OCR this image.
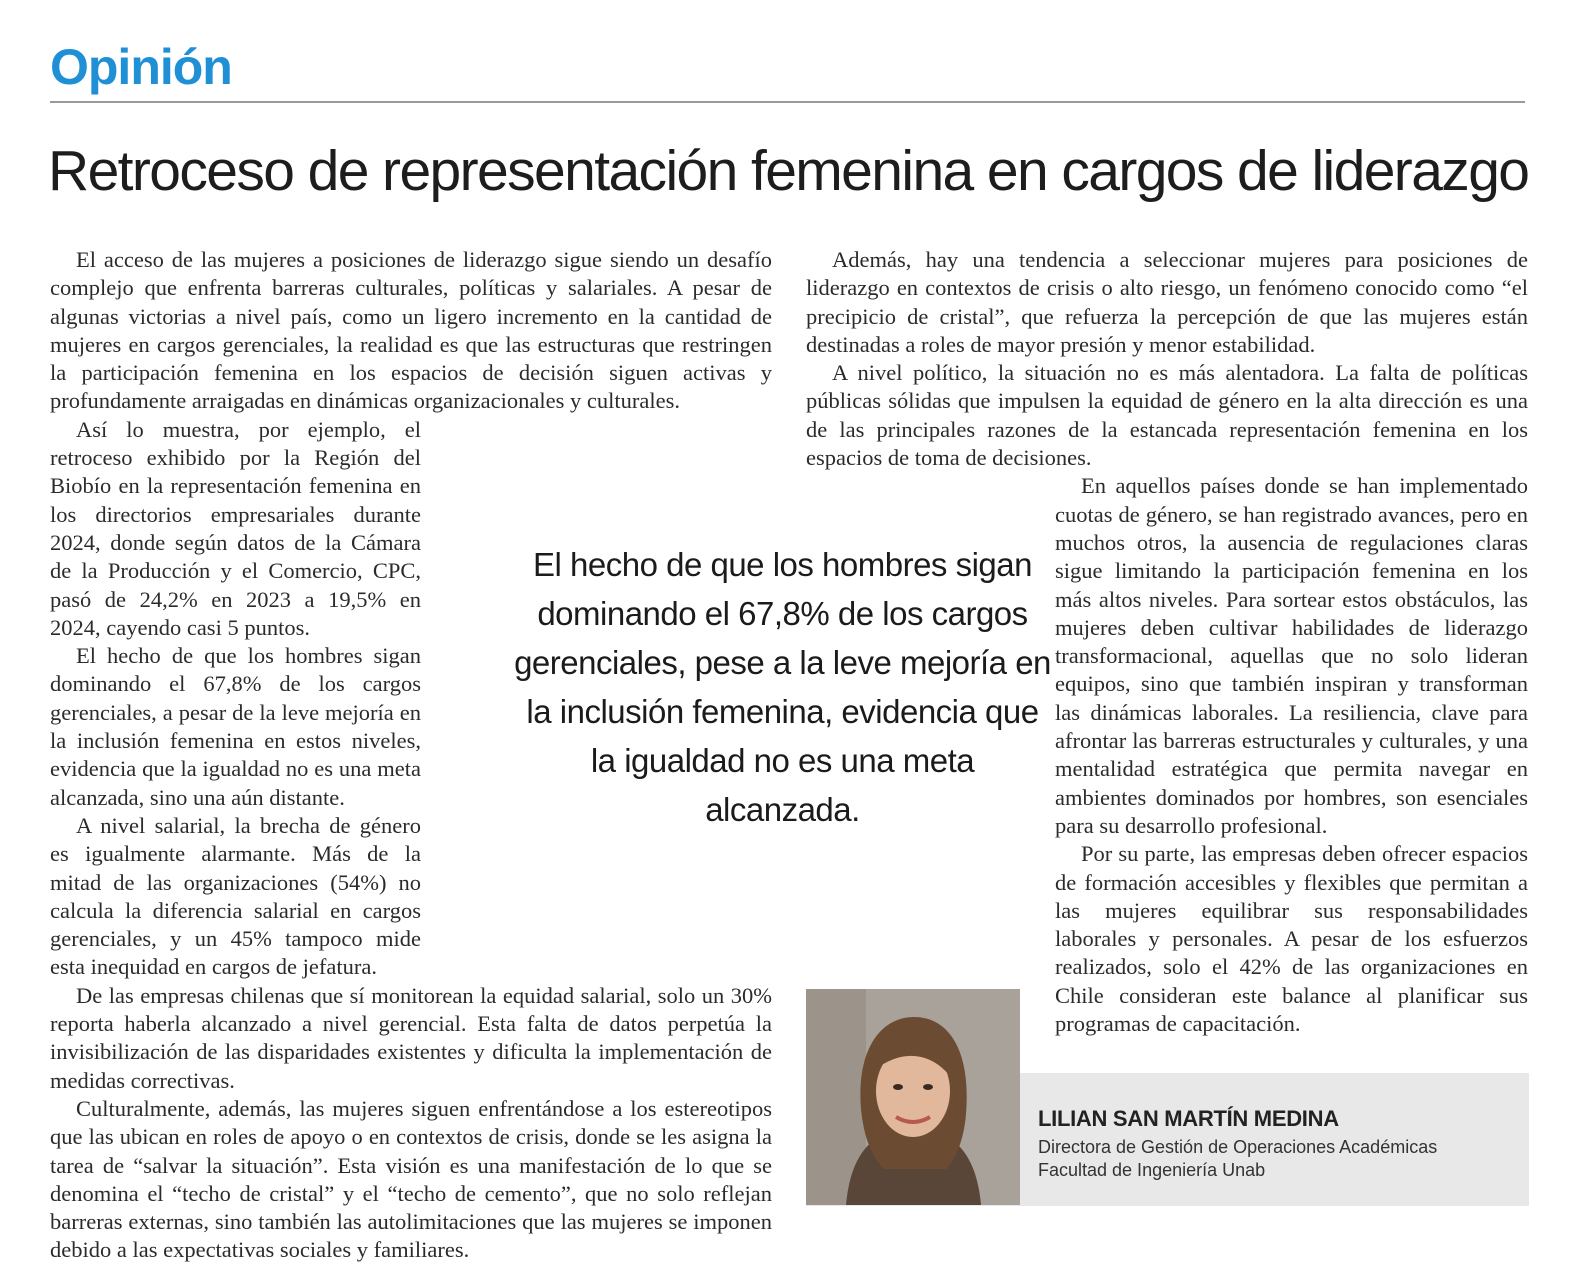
Opinión
Retroceso de representación femenina en cargos de liderazgo

El acceso de las mujeres a posiciones de liderazgo sigue siendo un desafío complejo que enfrenta barreras culturales, políticas y salariales. A pesar de algunas victorias a nivel país, como un ligero incremento en la cantidad de mujeres en cargos gerenciales, la realidad es que las estructuras que restringen la participación femenina en los espacios de decisión siguen activas y profundamente arraigadas en dinámicas organizacionales y culturales.

Así lo muestra, por ejemplo, el retroceso exhibido por la Región del Biobío en la representación femenina en los directorios empresariales durante 2024, donde según datos de la Cámara de la Producción y el Comercio, CPC, pasó de 24,2% en 2023 a 19,5% en 2024, cayendo casi 5 puntos.

El hecho de que los hombres sigan dominando el 67,8% de los cargos gerenciales, a pesar de la leve mejoría en la inclusión femenina en estos niveles, evidencia que la igualdad no es una meta alcanzada, sino una aún distante.

A nivel salarial, la brecha de género es igualmente alarmante. Más de la mitad de las organizaciones (54%) no calcula la diferencia salarial en cargos gerenciales, y un 45% tampoco mide esta inequidad en cargos de jefatura.

De las empresas chilenas que sí monitorean la equidad salarial, solo un 30% reporta haberla alcanzado a nivel gerencial. Esta falta de datos perpetúa la invisibilización de las disparidades existentes y dificulta la implementación de medidas correctivas.

Culturalmente, además, las mujeres siguen enfrentándose a los estereotipos que las ubican en roles de apoyo o en contextos de crisis, donde se les asigna la tarea de “salvar la situación”. Esta visión es una manifestación de lo que se denomina el “techo de cristal” y el “techo de cemento”, que no solo reflejan barreras externas, sino también las autolimitaciones que las mujeres se imponen debido a las expectativas sociales y familiares.

Además, hay una tendencia a seleccionar mujeres para posiciones de liderazgo en contextos de crisis o alto riesgo, un fenómeno conocido como “el precipicio de cristal”, que refuerza la percepción de que las mujeres están destinadas a roles de mayor presión y menor estabilidad.

A nivel político, la situación no es más alentadora. La falta de políticas públicas sólidas que impulsen la equidad de género en la alta dirección es una de las principales razones de la estancada representación femenina en los espacios de toma de decisiones.

En aquellos países donde se han implementado cuotas de género, se han registrado avances, pero en muchos otros, la ausencia de regulaciones claras sigue limitando la participación femenina en los más altos niveles. Para sortear estos obstáculos, las mujeres deben cultivar habilidades de liderazgo transformacional, aquellas que no solo lideran equipos, sino que también inspiran y transforman las dinámicas laborales. La resiliencia, clave para afrontar las barreras estructurales y culturales, y una mentalidad estratégica que permita navegar en ambientes dominados por hombres, son esenciales para su desarrollo profesional.

Por su parte, las empresas deben ofrecer espacios de formación accesibles y flexibles que permitan a las mujeres equilibrar sus responsabilidades laborales y personales. A pesar de los esfuerzos realizados, solo el 42% de las organizaciones en Chile consideran este balance al planificar sus programas de capacitación.

El hecho de que los hombres sigan dominando el 67,8% de los cargos gerenciales, pese a la leve mejoría en la inclusión femenina, evidencia que la igualdad no es una meta alcanzada.

LILIAN SAN MARTÍN MEDINA
Directora de Gestión de Operaciones Académicas
Facultad de Ingeniería Unab
